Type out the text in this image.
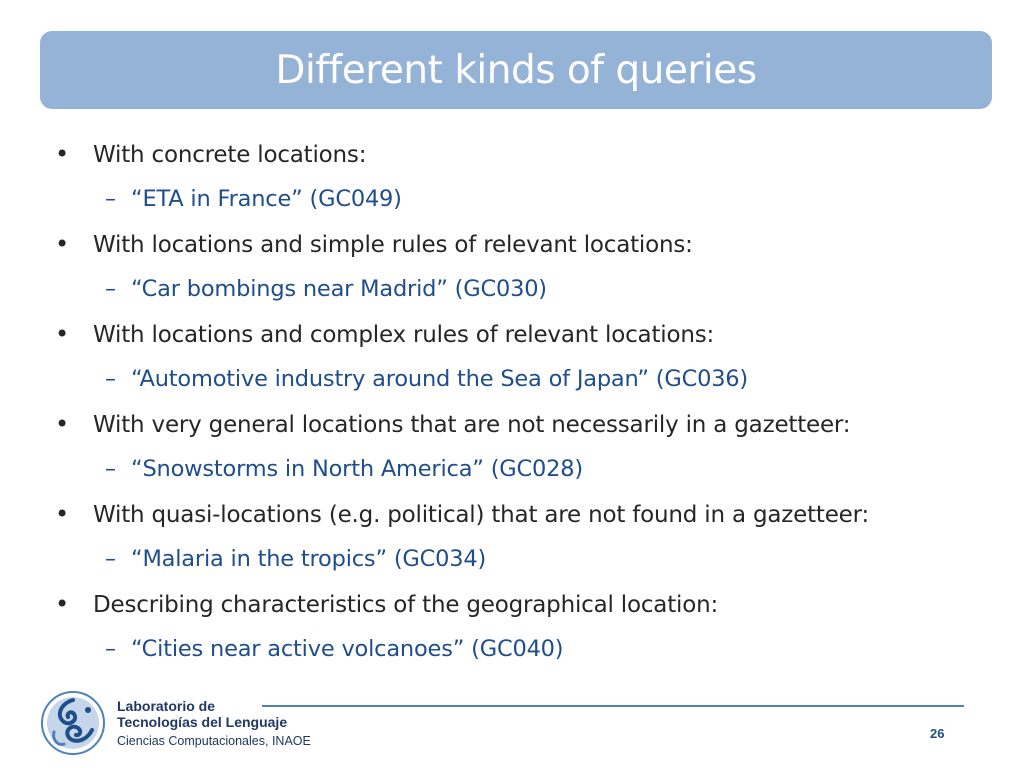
Different kinds of queries
•	With concrete locations:
– “ETA in France” (GC049)
•	With locations and simple rules of relevant locations:
– “Car bombings near Madrid” (GC030)
•	With locations and complex rules of relevant locations:
– “Automotive industry around the Sea of Japan” (GC036)
•	With very general locations that are not necessarily in a gazetteer:
– “Snowstorms in North America” (GC028)
•	With quasi-locations (e.g. political) that are not found in a gazetteer:
– “Malaria in the tropics” (GC034)
•	Describing characteristics of the geographical location:
– “Cities near active volcanoes” (GC040)
Laboratorio de
Tecnologías del Lenguaje
Ciencias Computacionales, INAOE	26
